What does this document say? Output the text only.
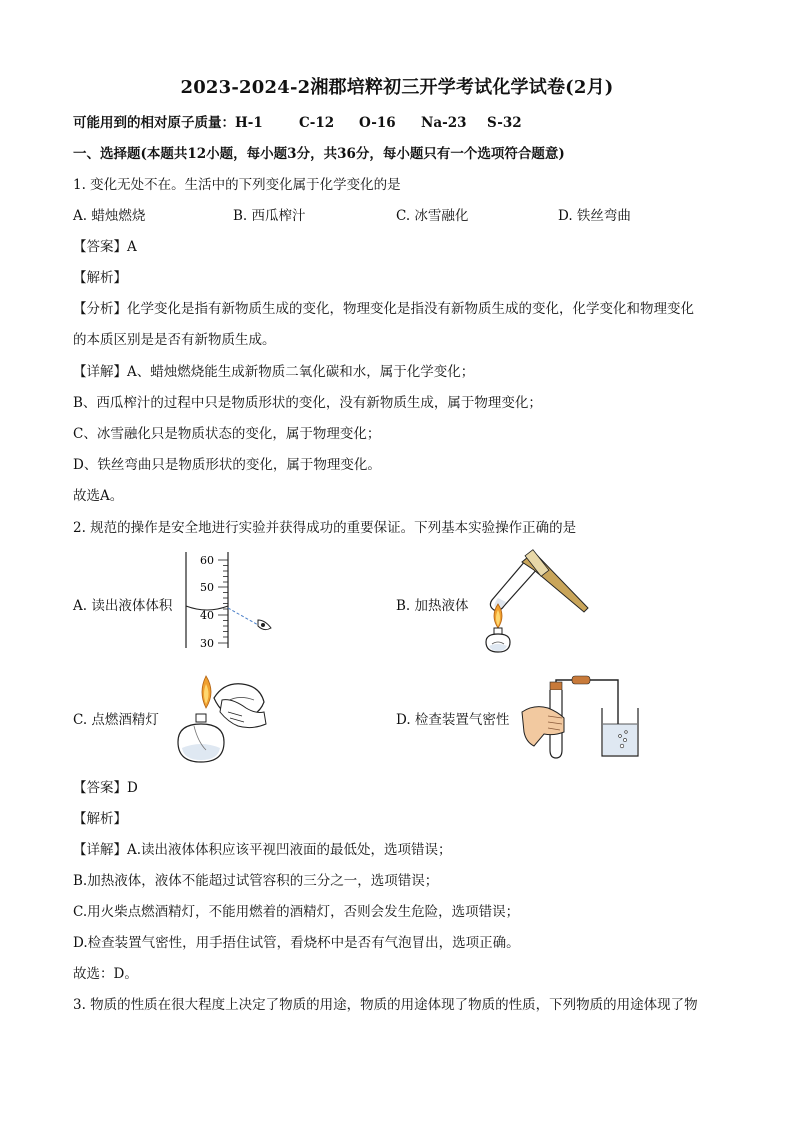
2023-2024-2湘郡培粹初三开学考试化学试卷(2月)
可能用到的相对原子质量：H-1	C-12 O-16 Na-23 S-32
一、选择题(本题共12小题，每小题3分，共36分，每小题只有一个选项符合题意)
1. 变化无处不在。生活中的下列变化属于化学变化的是
A. 蜡烛燃烧	B. 西瓜榨汁	C. 冰雪融化	D. 铁丝弯曲
【答案】A
【解析】
【分析】化学变化是指有新物质生成的变化，物理变化是指没有新物质生成的变化，化学变化和物理变化
的本质区别是是否有新物质生成。
【详解】A、蜡烛燃烧能生成新物质二氧化碳和水，属于化学变化；
B、西瓜榨汁的过程中只是物质形状的变化，没有新物质生成，属于物理变化；
C、冰雪融化只是物质状态的变化，属于物理变化；
D、铁丝弯曲只是物质形状的变化，属于物理变化。
故选A。
2. 规范的操作是安全地进行实验并获得成功的重要保证。下列基本实验操作正确的是
A. 读出液体体积
60
50
40
30
B. 加热液体
C. 点燃酒精灯	D. 检查装置气密性
【答案】D
【解析】
【详解】A.读出液体体积应该平视凹液面的最低处，选项错误；
B.加热液体，液体不能超过试管容积的三分之一，选项错误；
C.用火柴点燃酒精灯，不能用燃着的酒精灯，否则会发生危险，选项错误；
D.检查装置气密性，用手捂住试管，看烧杯中是否有气泡冒出，选项正确。
故选：D。
3. 物质的性质在很大程度上决定了物质的用途，物质的用途体现了物质的性质，下列物质的用途体现了物
